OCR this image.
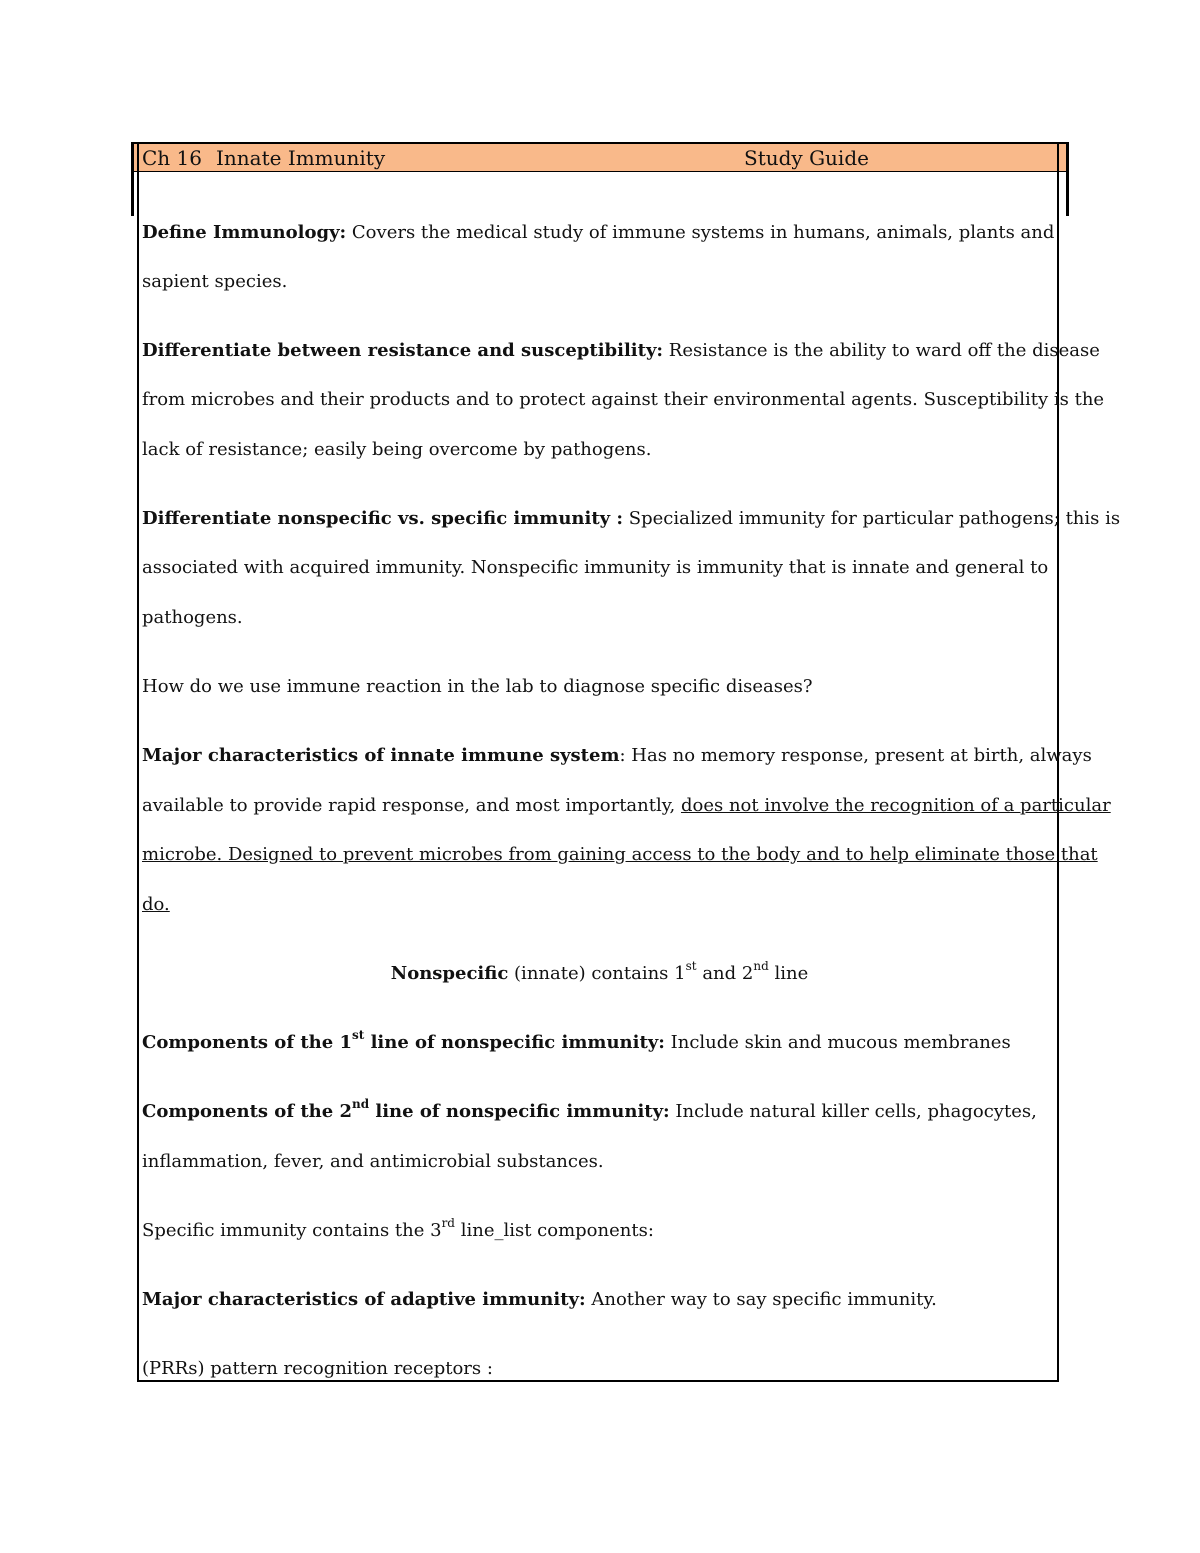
Ch 16 Innate Immunity	Study Guide
Define Immunology: Covers the medical study of immune systems in humans, animals, plants and
sapient species.
Differentiate between resistance and susceptibility: Resistance is the ability to ward off the disease
from microbes and their products and to protect against their environmental agents. Susceptibility is the
lack of resistance; easily being overcome by pathogens.
Differentiate nonspecific vs. specific immunity : Specialized immunity for particular pathogens; this is
associated with acquired immunity. Nonspecific immunity is immunity that is innate and general to
pathogens.
How do we use immune reaction in the lab to diagnose specific diseases?
Major characteristics of innate immune system: Has no memory response, present at birth, always
available to provide rapid response, and most importantly, does not involve the recognition of a particular
microbe. Designed to prevent microbes from gaining access to the body and to help eliminate those that
do.
Nonspecific (innate) contains 1st and 2nd line
Components of the 1st line of nonspecific immunity: Include skin and mucous membranes
Components of the 2nd line of nonspecific immunity: Include natural killer cells, phagocytes,
inflammation, fever, and antimicrobial substances.
Specific immunity contains the 3rd line_list components:
Major characteristics of adaptive immunity: Another way to say specific immunity.
(PRRs) pattern recognition receptors :
